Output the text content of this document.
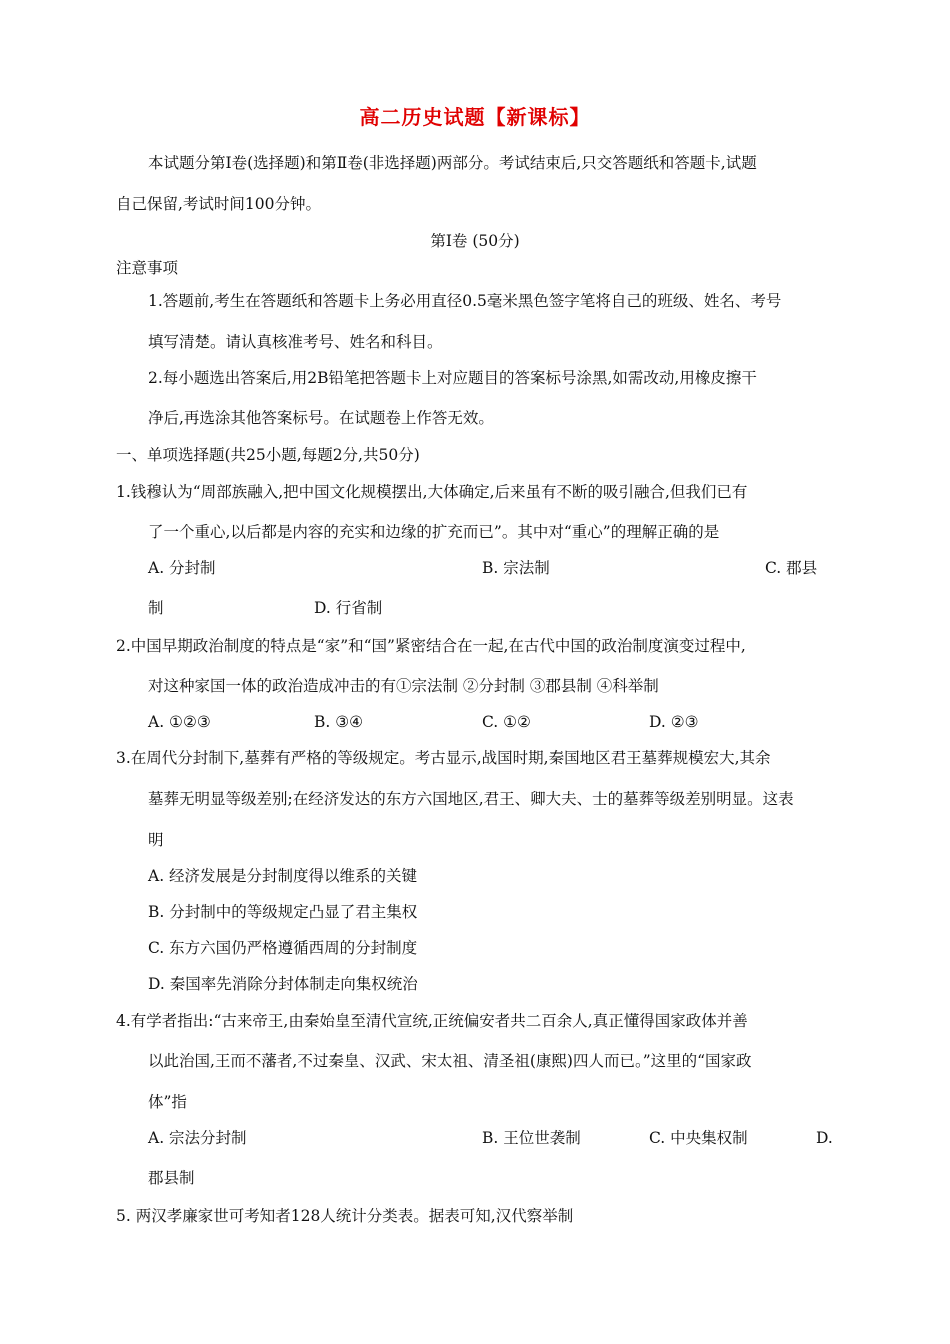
高二历史试题【新课标】
本试题分第Ⅰ卷(选择题)和第Ⅱ卷(非选择题)两部分。考试结束后,只交答题纸和答题卡,试题
自己保留,考试时间100分钟。
第Ⅰ卷 (50分)
注意事项
1.答题前,考生在答题纸和答题卡上务必用直径0.5毫米黑色签字笔将自己的班级、姓名、考号
填写清楚。请认真核准考号、姓名和科目。
2.每小题选出答案后,用2B铅笔把答题卡上对应题目的答案标号涂黑,如需改动,用橡皮擦干
净后,再选涂其他答案标号。在试题卷上作答无效。
一、单项选择题(共25小题,每题2分,共50分)
1.钱穆认为“周部族融入,把中国文化规模摆出,大体确定,后来虽有不断的吸引融合,但我们已有
了一个重心,以后都是内容的充实和边缘的扩充而已”。其中对“重心”的理解正确的是
A. 分封制	B. 宗法制	C. 郡县
制	D. 行省制
2.中国早期政治制度的特点是“家”和“国”紧密结合在一起,在古代中国的政治制度演变过程中,
对这种家国一体的政治造成冲击的有①宗法制 ②分封制 ③郡县制 ④科举制
A. ①②③	B. ③④	C. ①②	D. ②③
3.在周代分封制下,墓葬有严格的等级规定。考古显示,战国时期,秦国地区君王墓葬规模宏大,其余
墓葬无明显等级差别;在经济发达的东方六国地区,君王、卿大夫、士的墓葬等级差别明显。这表
明
A. 经济发展是分封制度得以维系的关键
B. 分封制中的等级规定凸显了君主集权
C. 东方六国仍严格遵循西周的分封制度
D. 秦国率先消除分封体制走向集权统治
4.有学者指出:“古来帝王,由秦始皇至清代宣统,正统偏安者共二百余人,真正懂得国家政体并善
以此治国,王而不藩者,不过秦皇、汉武、宋太祖、清圣祖(康熙)四人而已。”这里的“国家政
体”指
A. 宗法分封制	B. 王位世袭制	C. 中央集权制	D.
郡县制
5. 两汉孝廉家世可考知者128人统计分类表。据表可知,汉代察举制
